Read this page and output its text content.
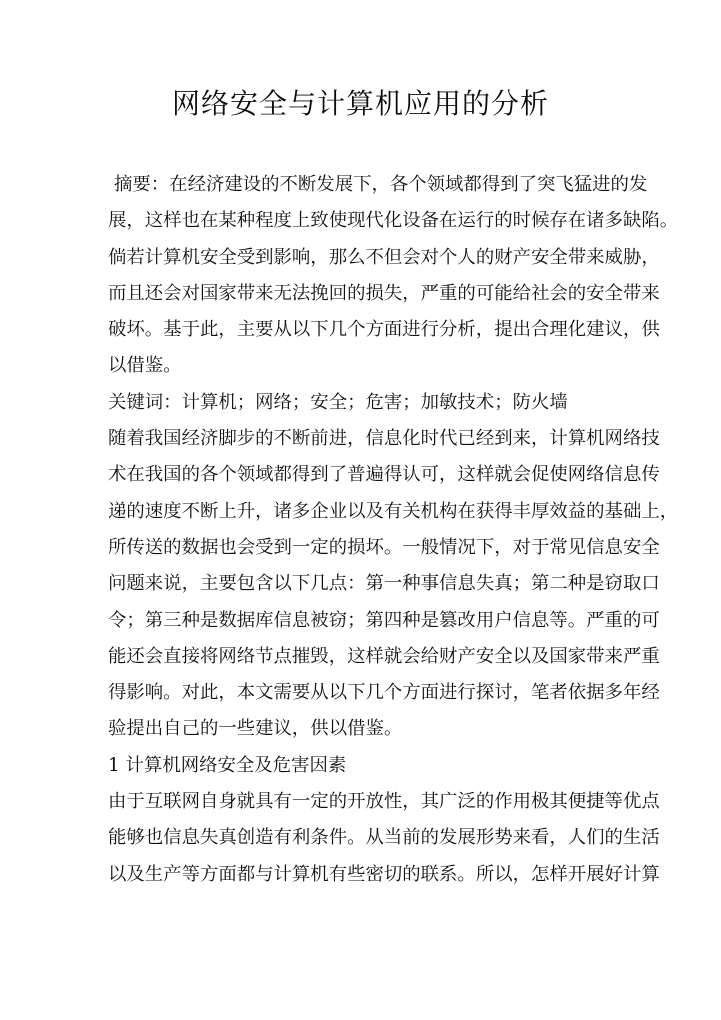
网络安全与计算机应用的分析
摘要：在经济建设的不断发展下，各个领域都得到了突飞猛进的发
展，这样也在某种程度上致使现代化设备在运行的时候存在诸多缺陷。
倘若计算机安全受到影响，那么不但会对个人的财产安全带来威胁，
而且还会对国家带来无法挽回的损失，严重的可能给社会的安全带来
破坏。基于此，主要从以下几个方面进行分析，提出合理化建议，供
以借鉴。
关键词：计算机；网络；安全；危害；加敏技术；防火墙
随着我国经济脚步的不断前进，信息化时代已经到来，计算机网络技
术在我国的各个领域都得到了普遍得认可，这样就会促使网络信息传
递的速度不断上升，诸多企业以及有关机构在获得丰厚效益的基础上，
所传送的数据也会受到一定的损坏。一般情况下，对于常见信息安全
问题来说，主要包含以下几点：第一种事信息失真；第二种是窃取口
令；第三种是数据库信息被窃；第四种是篡改用户信息等。严重的可
能还会直接将网络节点摧毁，这样就会给财产安全以及国家带来严重
得影响。对此，本文需要从以下几个方面进行探讨，笔者依据多年经
验提出自己的一些建议，供以借鉴。
1 计算机网络安全及危害因素
由于互联网自身就具有一定的开放性，其广泛的作用极其便捷等优点
能够也信息失真创造有利条件。从当前的发展形势来看，人们的生活
以及生产等方面都与计算机有些密切的联系。所以，怎样开展好计算
